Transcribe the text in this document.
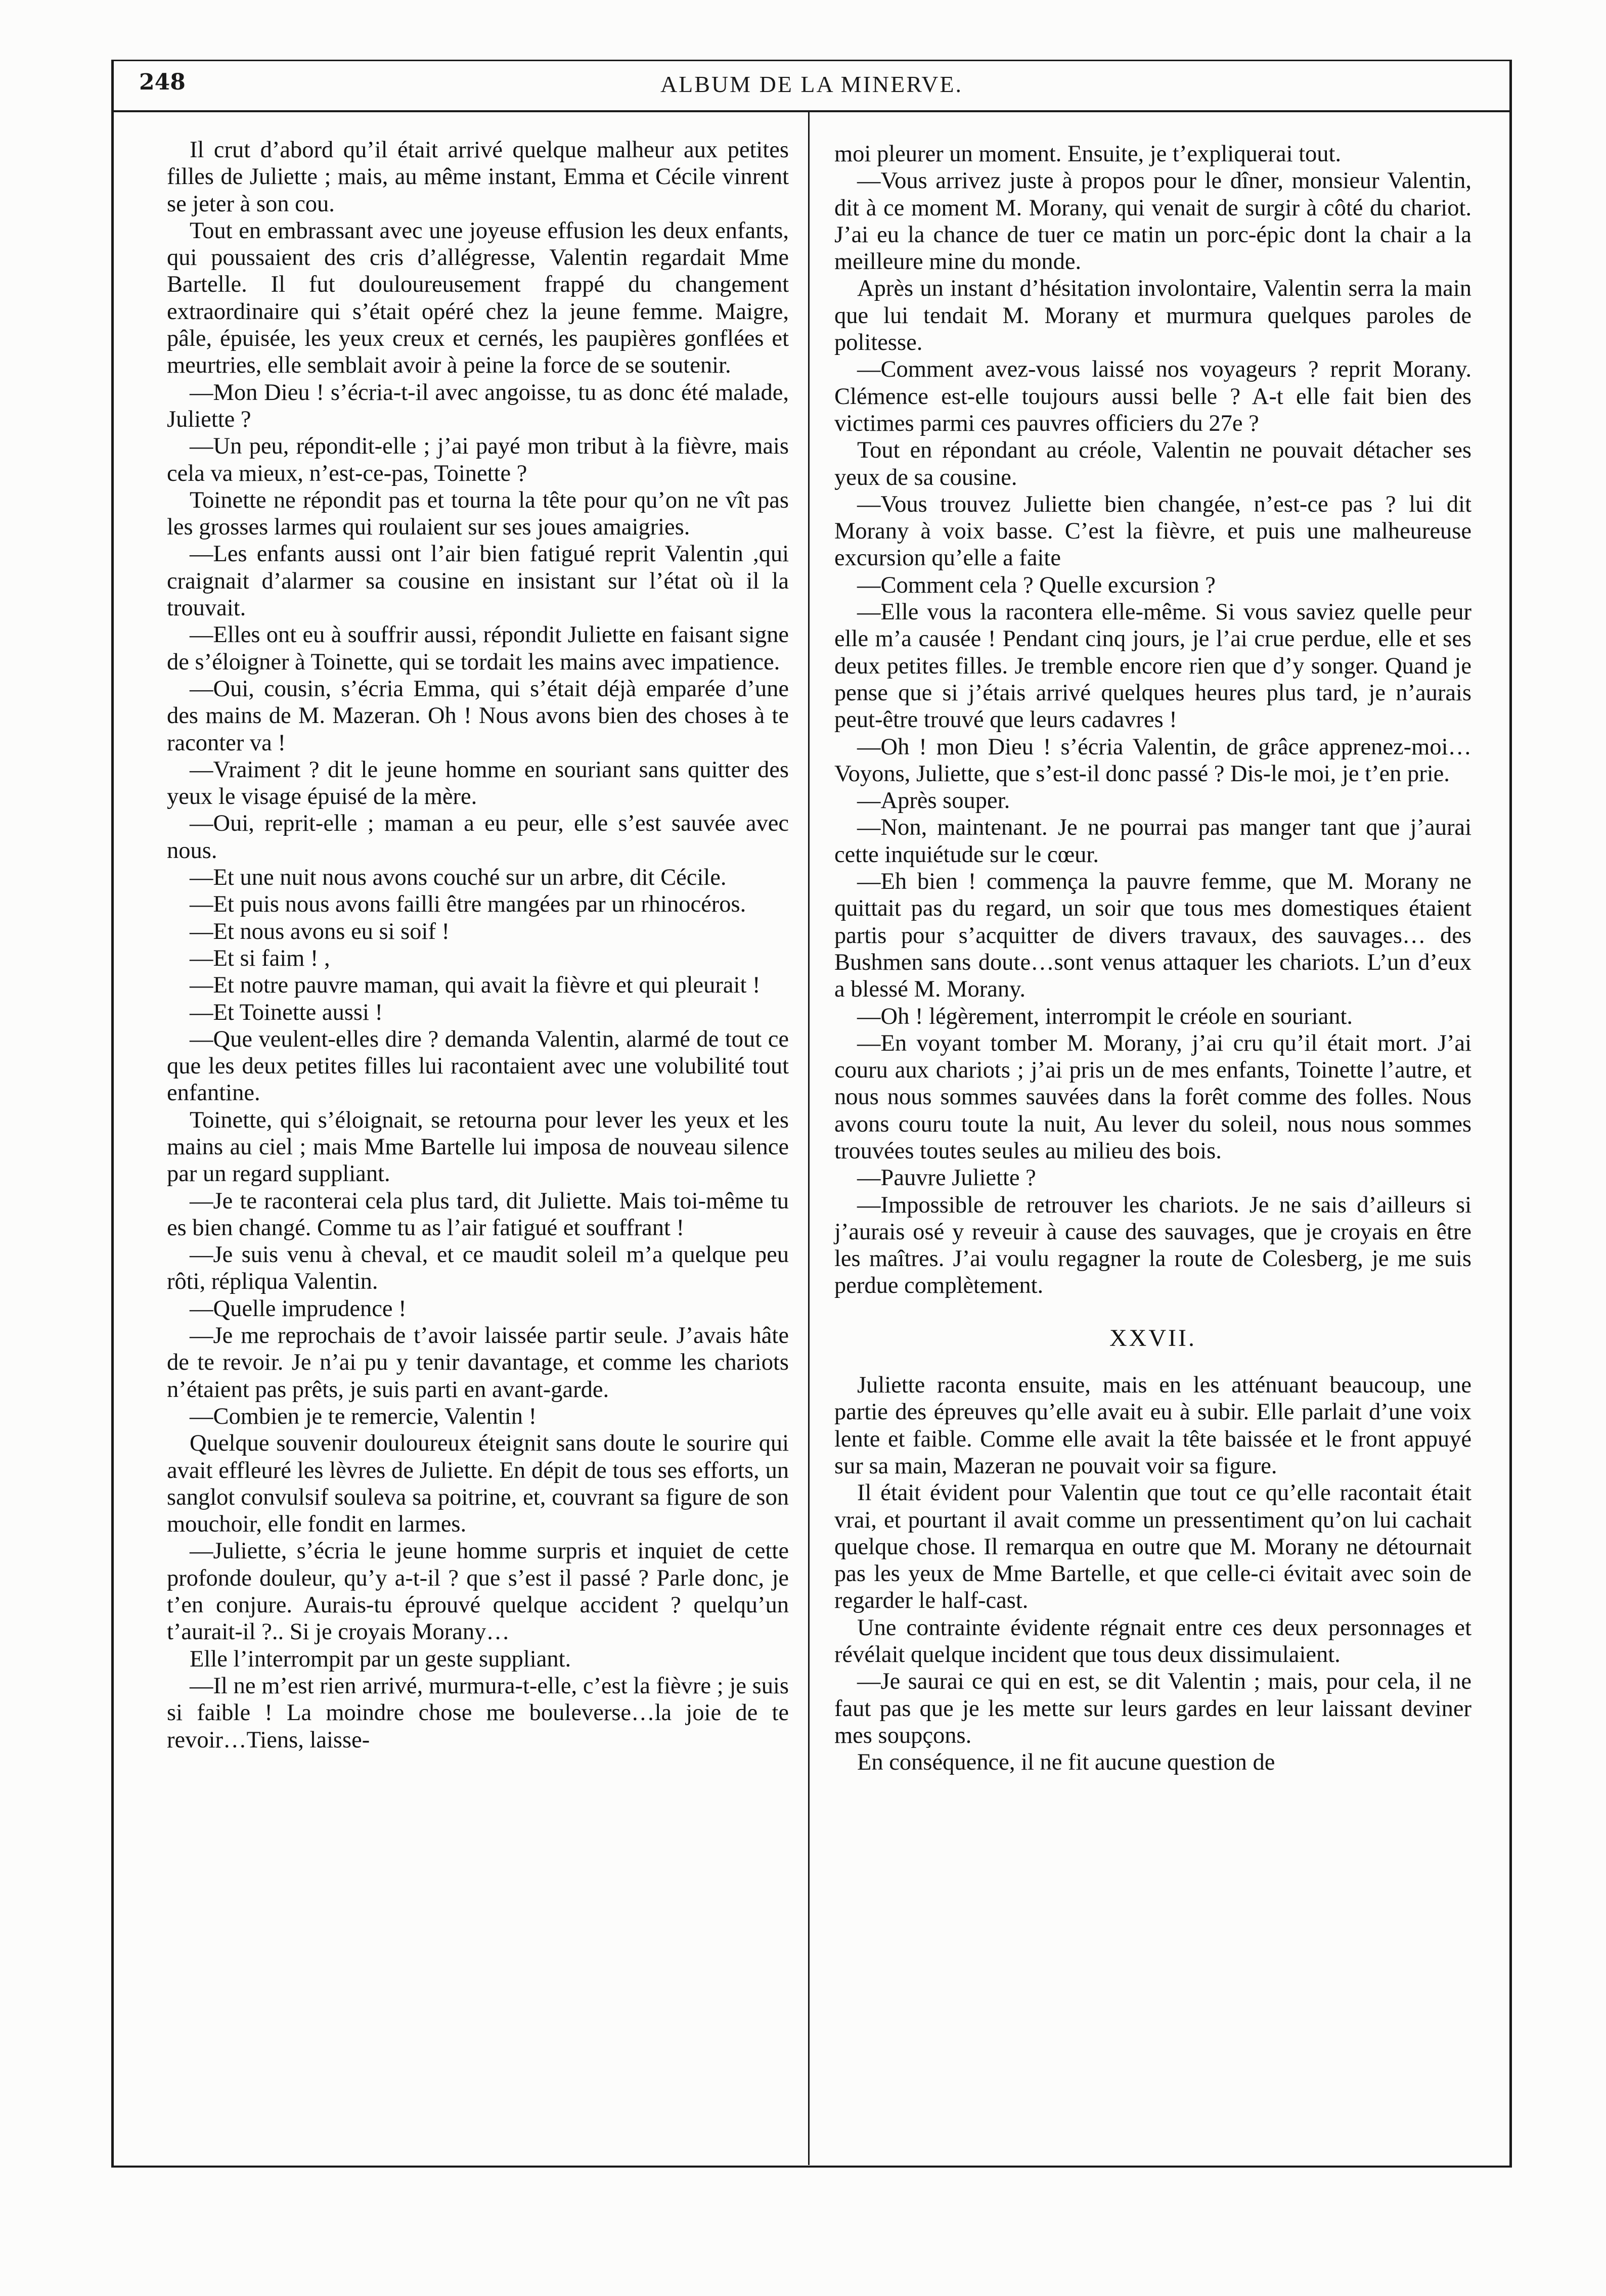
248	ALBUM DE LA MINERVE.

Il crut d’abord qu’il était arrivé quelque malheur aux petites filles de Juliette ; mais, au même instant, Emma et Cécile vinrent se jeter à son cou.

Tout en embrassant avec une joyeuse effusion les deux enfants, qui poussaient des cris d’allégresse, Valentin regardait Mme Bartelle. Il fut douloureusement frappé du changement extraordinaire qui s’était opéré chez la jeune femme. Maigre, pâle, épuisée, les yeux creux et cernés, les paupières gonflées et meurtries, elle semblait avoir à peine la force de se soutenir.

—Mon Dieu ! s’écria-t-il avec angoisse, tu as donc été malade, Juliette ?

—Un peu, répondit-elle ; j’ai payé mon tribut à la fièvre, mais cela va mieux, n’est-ce-pas, Toinette ?

Toinette ne répondit pas et tourna la tête pour qu’on ne vît pas les grosses larmes qui roulaient sur ses joues amaigries.

—Les enfants aussi ont l’air bien fatigué reprit Valentin ,qui craignait d’alarmer sa cousine en insistant sur l’état où il la trouvait.

—Elles ont eu à souffrir aussi, répondit Juliette en faisant signe de s’éloigner à Toinette, qui se tordait les mains avec impatience.

—Oui, cousin, s’écria Emma, qui s’était déjà emparée d’une des mains de M. Mazeran. Oh ! Nous avons bien des choses à te raconter va !

—Vraiment ? dit le jeune homme en souriant sans quitter des yeux le visage épuisé de la mère.

—Oui, reprit-elle ; maman a eu peur, elle s’est sauvée avec nous.

—Et une nuit nous avons couché sur un arbre, dit Cécile.

—Et puis nous avons failli être mangées par un rhinocéros.

—Et nous avons eu si soif !

—Et si faim ! ,

—Et notre pauvre maman, qui avait la fièvre et qui pleurait !

—Et Toinette aussi !

—Que veulent-elles dire ? demanda Valentin, alarmé de tout ce que les deux petites filles lui racontaient avec une volubilité tout enfantine.

Toinette, qui s’éloignait, se retourna pour lever les yeux et les mains au ciel ; mais Mme Bartelle lui imposa de nouveau silence par un regard suppliant.

—Je te raconterai cela plus tard, dit Juliette. Mais toi-même tu es bien changé. Comme tu as l’air fatigué et souffrant !

—Je suis venu à cheval, et ce maudit soleil m’a quelque peu rôti, répliqua Valentin.

—Quelle imprudence !

—Je me reprochais de t’avoir laissée partir seule. J’avais hâte de te revoir. Je n’ai pu y tenir davantage, et comme les chariots n’étaient pas prêts, je suis parti en avant-garde.

—Combien je te remercie, Valentin !

Quelque souvenir douloureux éteignit sans doute le sourire qui avait effleuré les lèvres de Juliette. En dépit de tous ses efforts, un sanglot convulsif souleva sa poitrine, et, couvrant sa figure de son mouchoir, elle fondit en larmes.

—Juliette, s’écria le jeune homme surpris et inquiet de cette profonde douleur, qu’y a-t-il ? que s’est il passé ? Parle donc, je t’en conjure. Aurais-tu éprouvé quelque accident ? quelqu’un t’aurait-il ?.. Si je croyais Morany…

Elle l’interrompit par un geste suppliant.

—Il ne m’est rien arrivé, murmura-t-elle, c’est la fièvre ; je suis si faible ! La moindre chose me bouleverse…la joie de te revoir…Tiens, laisse-

moi pleurer un moment. Ensuite, je t’expliquerai tout.

—Vous arrivez juste à propos pour le dîner, monsieur Valentin, dit à ce moment M. Morany, qui venait de surgir à côté du chariot. J’ai eu la chance de tuer ce matin un porc-épic dont la chair a la meilleure mine du monde.

Après un instant d’hésitation involontaire, Valentin serra la main que lui tendait M. Morany et murmura quelques paroles de politesse.

—Comment avez-vous laissé nos voyageurs ? reprit Morany. Clémence est-elle toujours aussi belle ? A-t elle fait bien des victimes parmi ces pauvres officiers du 27e ?

Tout en répondant au créole, Valentin ne pouvait détacher ses yeux de sa cousine.

—Vous trouvez Juliette bien changée, n’est-ce pas ? lui dit Morany à voix basse. C’est la fièvre, et puis une malheureuse excursion qu’elle a faite

—Comment cela ? Quelle excursion ?

—Elle vous la racontera elle-même. Si vous saviez quelle peur elle m’a causée ! Pendant cinq jours, je l’ai crue perdue, elle et ses deux petites filles. Je tremble encore rien que d’y songer. Quand je pense que si j’étais arrivé quelques heures plus tard, je n’aurais peut-être trouvé que leurs cadavres !

—Oh ! mon Dieu ! s’écria Valentin, de grâce apprenez-moi… Voyons, Juliette, que s’est-il donc passé ? Dis-le moi, je t’en prie.

—Après souper.

—Non, maintenant. Je ne pourrai pas manger tant que j’aurai cette inquiétude sur le cœur.

—Eh bien ! commença la pauvre femme, que M. Morany ne quittait pas du regard, un soir que tous mes domestiques étaient partis pour s’acquitter de divers travaux, des sauvages… des Bushmen sans doute…sont venus attaquer les chariots. L’un d’eux a blessé M. Morany.

—Oh ! légèrement, interrompit le créole en souriant.

—En voyant tomber M. Morany, j’ai cru qu’il était mort. J’ai couru aux chariots ; j’ai pris un de mes enfants, Toinette l’autre, et nous nous sommes sauvées dans la forêt comme des folles. Nous avons couru toute la nuit, Au lever du soleil, nous nous sommes trouvées toutes seules au milieu des bois.

—Pauvre Juliette ?

—Impossible de retrouver les chariots. Je ne sais d’ailleurs si j’aurais osé y reveuir à cause des sauvages, que je croyais en être les maîtres. J’ai voulu regagner la route de Colesberg, je me suis perdue complètement.

XXVII.

Juliette raconta ensuite, mais en les atténuant beaucoup, une partie des épreuves qu’elle avait eu à subir. Elle parlait d’une voix lente et faible. Comme elle avait la tête baissée et le front appuyé sur sa main, Mazeran ne pouvait voir sa figure.

Il était évident pour Valentin que tout ce qu’elle racontait était vrai, et pourtant il avait comme un pressentiment qu’on lui cachait quelque chose. Il remarqua en outre que M. Morany ne détournait pas les yeux de Mme Bartelle, et que celle-ci évitait avec soin de regarder le half-cast.

Une contrainte évidente régnait entre ces deux personnages et révélait quelque incident que tous deux dissimulaient.

—Je saurai ce qui en est, se dit Valentin ; mais, pour cela, il ne faut pas que je les mette sur leurs gardes en leur laissant deviner mes soupçons.

En conséquence, il ne fit aucune question de
